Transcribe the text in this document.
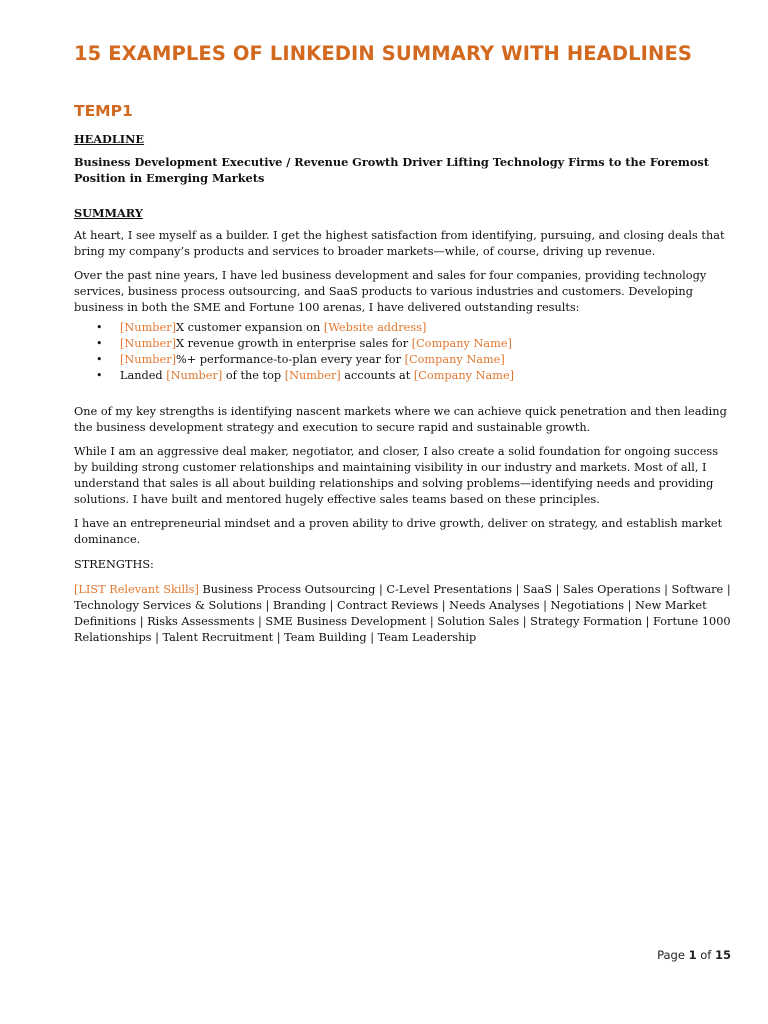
15 EXAMPLES OF LINKEDIN SUMMARY WITH HEADLINES
TEMP1

HEADLINE

Business Development Executive / Revenue Growth Driver Lifting Technology Firms to the Foremost Position in Emerging Markets

SUMMARY

At heart, I see myself as a builder. I get the highest satisfaction from identifying, pursuing, and closing deals that bring my company’s products and services to broader markets—while, of course, driving up revenue.

Over the past nine years, I have led business development and sales for four companies, providing technology services, business process outsourcing, and SaaS products to various industries and customers. Developing business in both the SME and Fortune 100 arenas, I have delivered outstanding results:

• [Number]X customer expansion on [Website address]
• [Number]X revenue growth in enterprise sales for [Company Name]
• [Number]%+ performance-to-plan every year for [Company Name]
• Landed [Number] of the top [Number] accounts at [Company Name]

One of my key strengths is identifying nascent markets where we can achieve quick penetration and then leading the business development strategy and execution to secure rapid and sustainable growth.

While I am an aggressive deal maker, negotiator, and closer, I also create a solid foundation for ongoing success by building strong customer relationships and maintaining visibility in our industry and markets. Most of all, I understand that sales is all about building relationships and solving problems—identifying needs and providing solutions. I have built and mentored hugely effective sales teams based on these principles.

I have an entrepreneurial mindset and a proven ability to drive growth, deliver on strategy, and establish market dominance.

STRENGTHS:

[LIST Relevant Skills] Business Process Outsourcing | C-Level Presentations | SaaS | Sales Operations | Software | Technology Services & Solutions | Branding | Contract Reviews | Needs Analyses | Negotiations | New Market Definitions | Risks Assessments | SME Business Development | Solution Sales | Strategy Formation | Fortune 1000 Relationships | Talent Recruitment | Team Building | Team Leadership

Page 1 of 15
